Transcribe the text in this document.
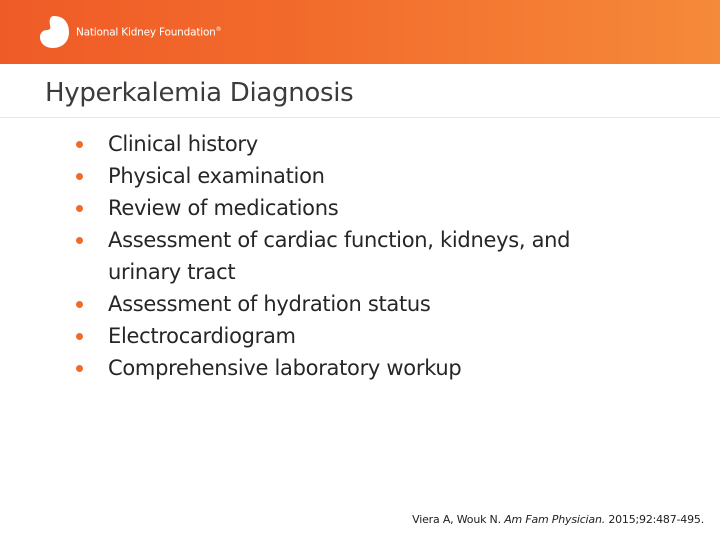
National Kidney Foundation®
Hyperkalemia Diagnosis
Clinical history
Physical examination
Review of medications
Assessment of cardiac function, kidneys, and urinary tract
Assessment of hydration status
Electrocardiogram
Comprehensive laboratory workup
Viera A, Wouk N. Am Fam Physician. 2015;92:487-495.
